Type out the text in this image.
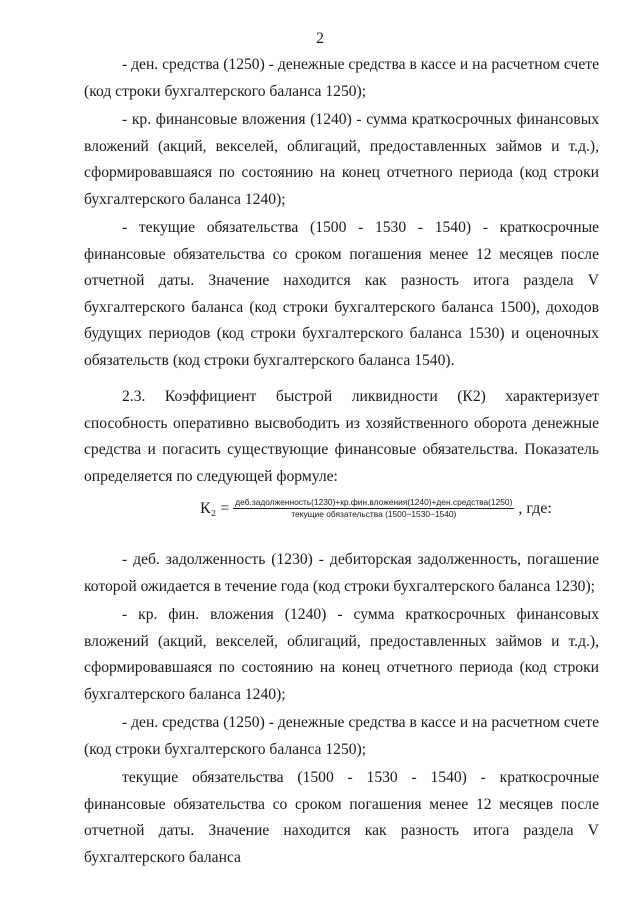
2

- ден. средства (1250) - денежные средства в кассе и на расчетном счете (код строки бухгалтерского баланса 1250);

- кр. финансовые вложения (1240) - сумма краткосрочных финансовых вложений (акций, векселей, облигаций, предоставленных займов и т.д.), сформировавшаяся по состоянию на конец отчетного периода (код строки бухгалтерского баланса 1240);

- текущие обязательства (1500 - 1530 - 1540) - краткосрочные финансовые обязательства со сроком погашения менее 12 месяцев после отчетной даты. Значение находится как разность итога раздела V бухгалтерского баланса (код строки бухгалтерского баланса 1500), доходов будущих периодов (код строки бухгалтерского баланса 1530) и оценочных обязательств (код строки бухгалтерского баланса 1540).

2.3. Коэффициент быстрой ликвидности (К2) характеризует способность оперативно высвободить из хозяйственного оборота денежные средства и погасить существующие финансовые обязательства. Показатель определяется по следующей формуле:

К₂ = деб.задолженность(1230)+кр.фин.вложения(1240)+ден.средства(1250)
текущие обязательства (1500−1530−1540)	, где:

- деб. задолженность (1230) - дебиторская задолженность, погашение которой ожидается в течение года (код строки бухгалтерского баланса 1230);

- кр. фин. вложения (1240) - сумма краткосрочных финансовых вложений (акций, векселей, облигаций, предоставленных займов и т.д.), сформировавшаяся по состоянию на конец отчетного периода (код строки бухгалтерского баланса 1240);

- ден. средства (1250) - денежные средства в кассе и на расчетном счете (код строки бухгалтерского баланса 1250);

текущие обязательства (1500 - 1530 - 1540) - краткосрочные финансовые обязательства со сроком погашения менее 12 месяцев после отчетной даты. Значение находится как разность итога раздела V бухгалтерского баланса
